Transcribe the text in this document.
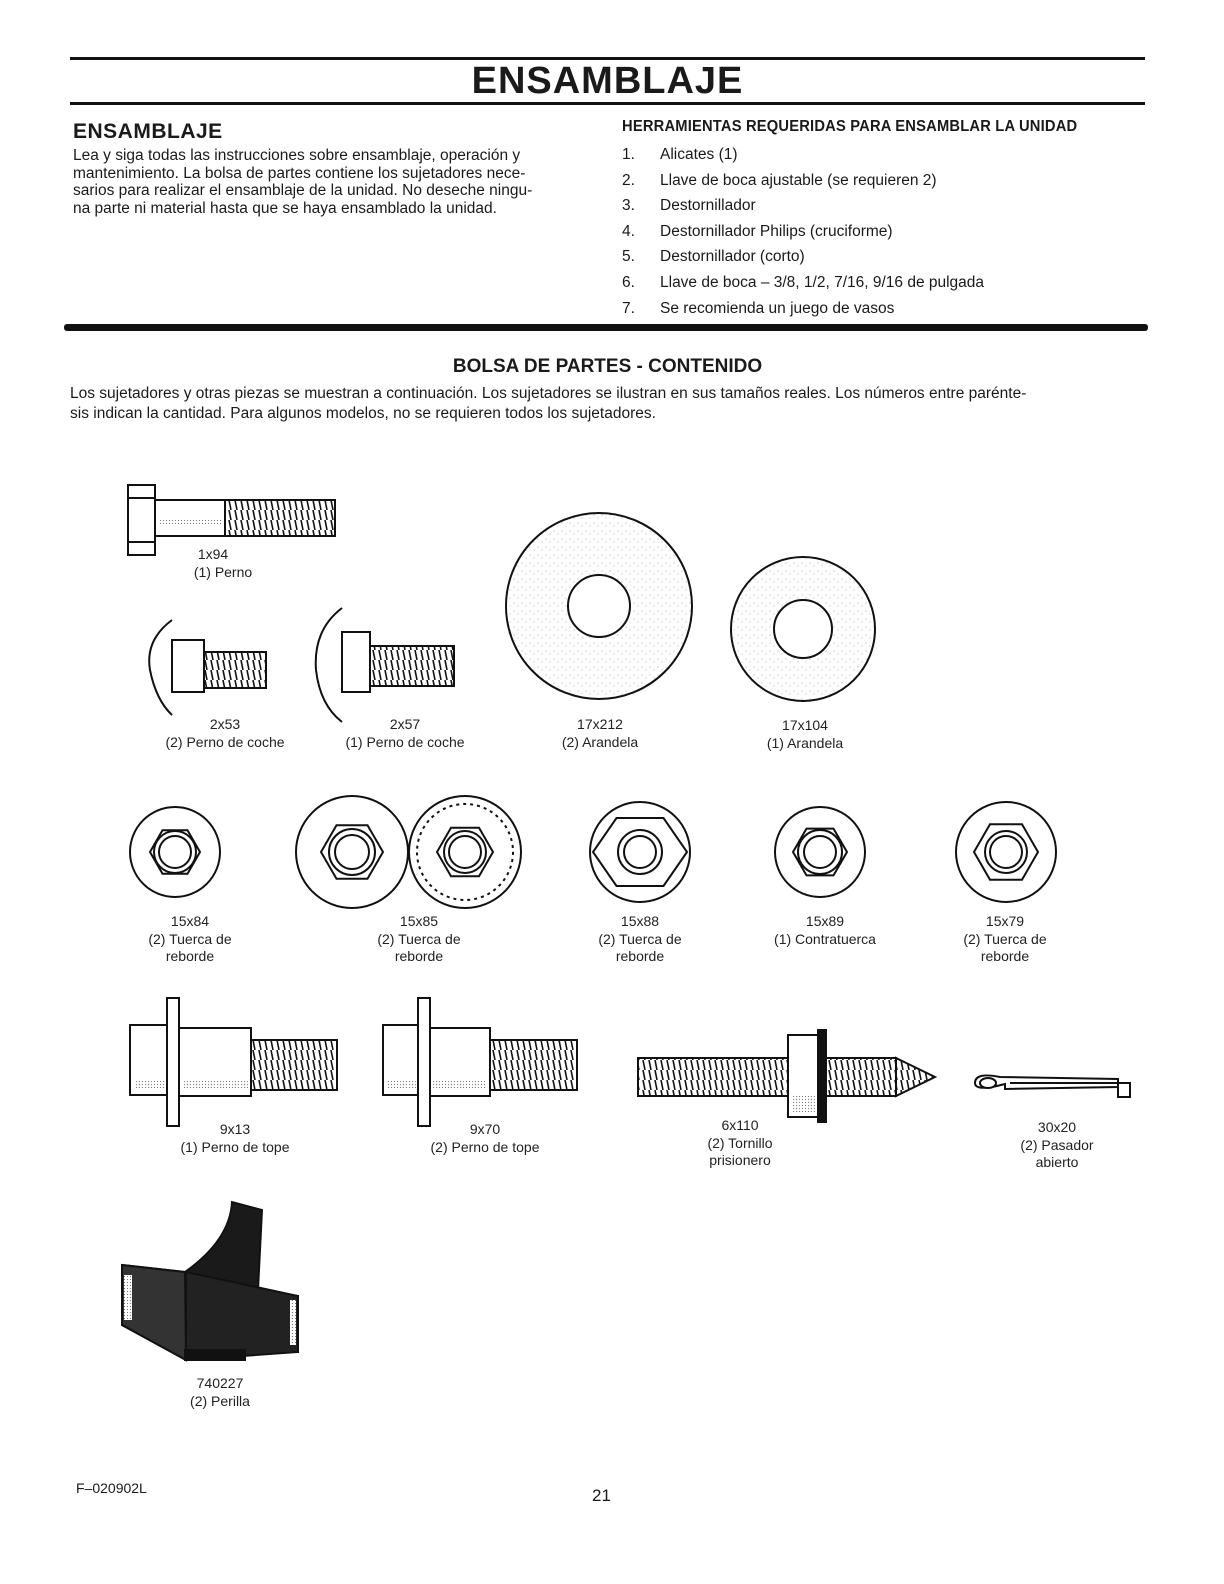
ENSAMBLAJE
ENSAMBLAJE
Lea y siga todas las instrucciones sobre ensamblaje, operación y
mantenimiento. La bolsa de partes contiene los sujetadores nece-
sarios para realizar el ensamblaje de la unidad. No deseche ningu-
na parte ni material hasta que se haya ensamblado la unidad.
HERRAMIENTAS REQUERIDAS PARA ENSAMBLAR LA UNIDAD
1. Alicates (1)
2. Llave de boca ajustable (se requieren 2)
3. Destornillador
4. Destornillador Philips (cruciforme)
5. Destornillador (corto)
6. Llave de boca – 3/8, 1/2, 7/16, 9/16 de pulgada
7. Se recomienda un juego de vasos
BOLSA DE PARTES - CONTENIDO
Los sujetadores y otras piezas se muestran a continuación. Los sujetadores se ilustran en sus tamaños reales. Los números entre parénte-
sis indican la cantidad. Para algunos modelos, no se requieren todos los sujetadores.
1x94
(1) Perno
2x53
(2) Perno de coche
2x57
(1) Perno de coche
17x212
(2) Arandela
17x104
(1) Arandela
15x84
(2) Tuerca de
reborde
15x85
(2) Tuerca de
reborde
15x88
(2) Tuerca de
reborde
15x89
(1) Contratuerca
15x79
(2) Tuerca de
reborde
9x13
(1) Perno de tope
9x70
(2) Perno de tope
6x110
(2) Tornillo
prisionero
30x20
(2) Pasador
abierto
740227
(2) Perilla
F–020902L	21
